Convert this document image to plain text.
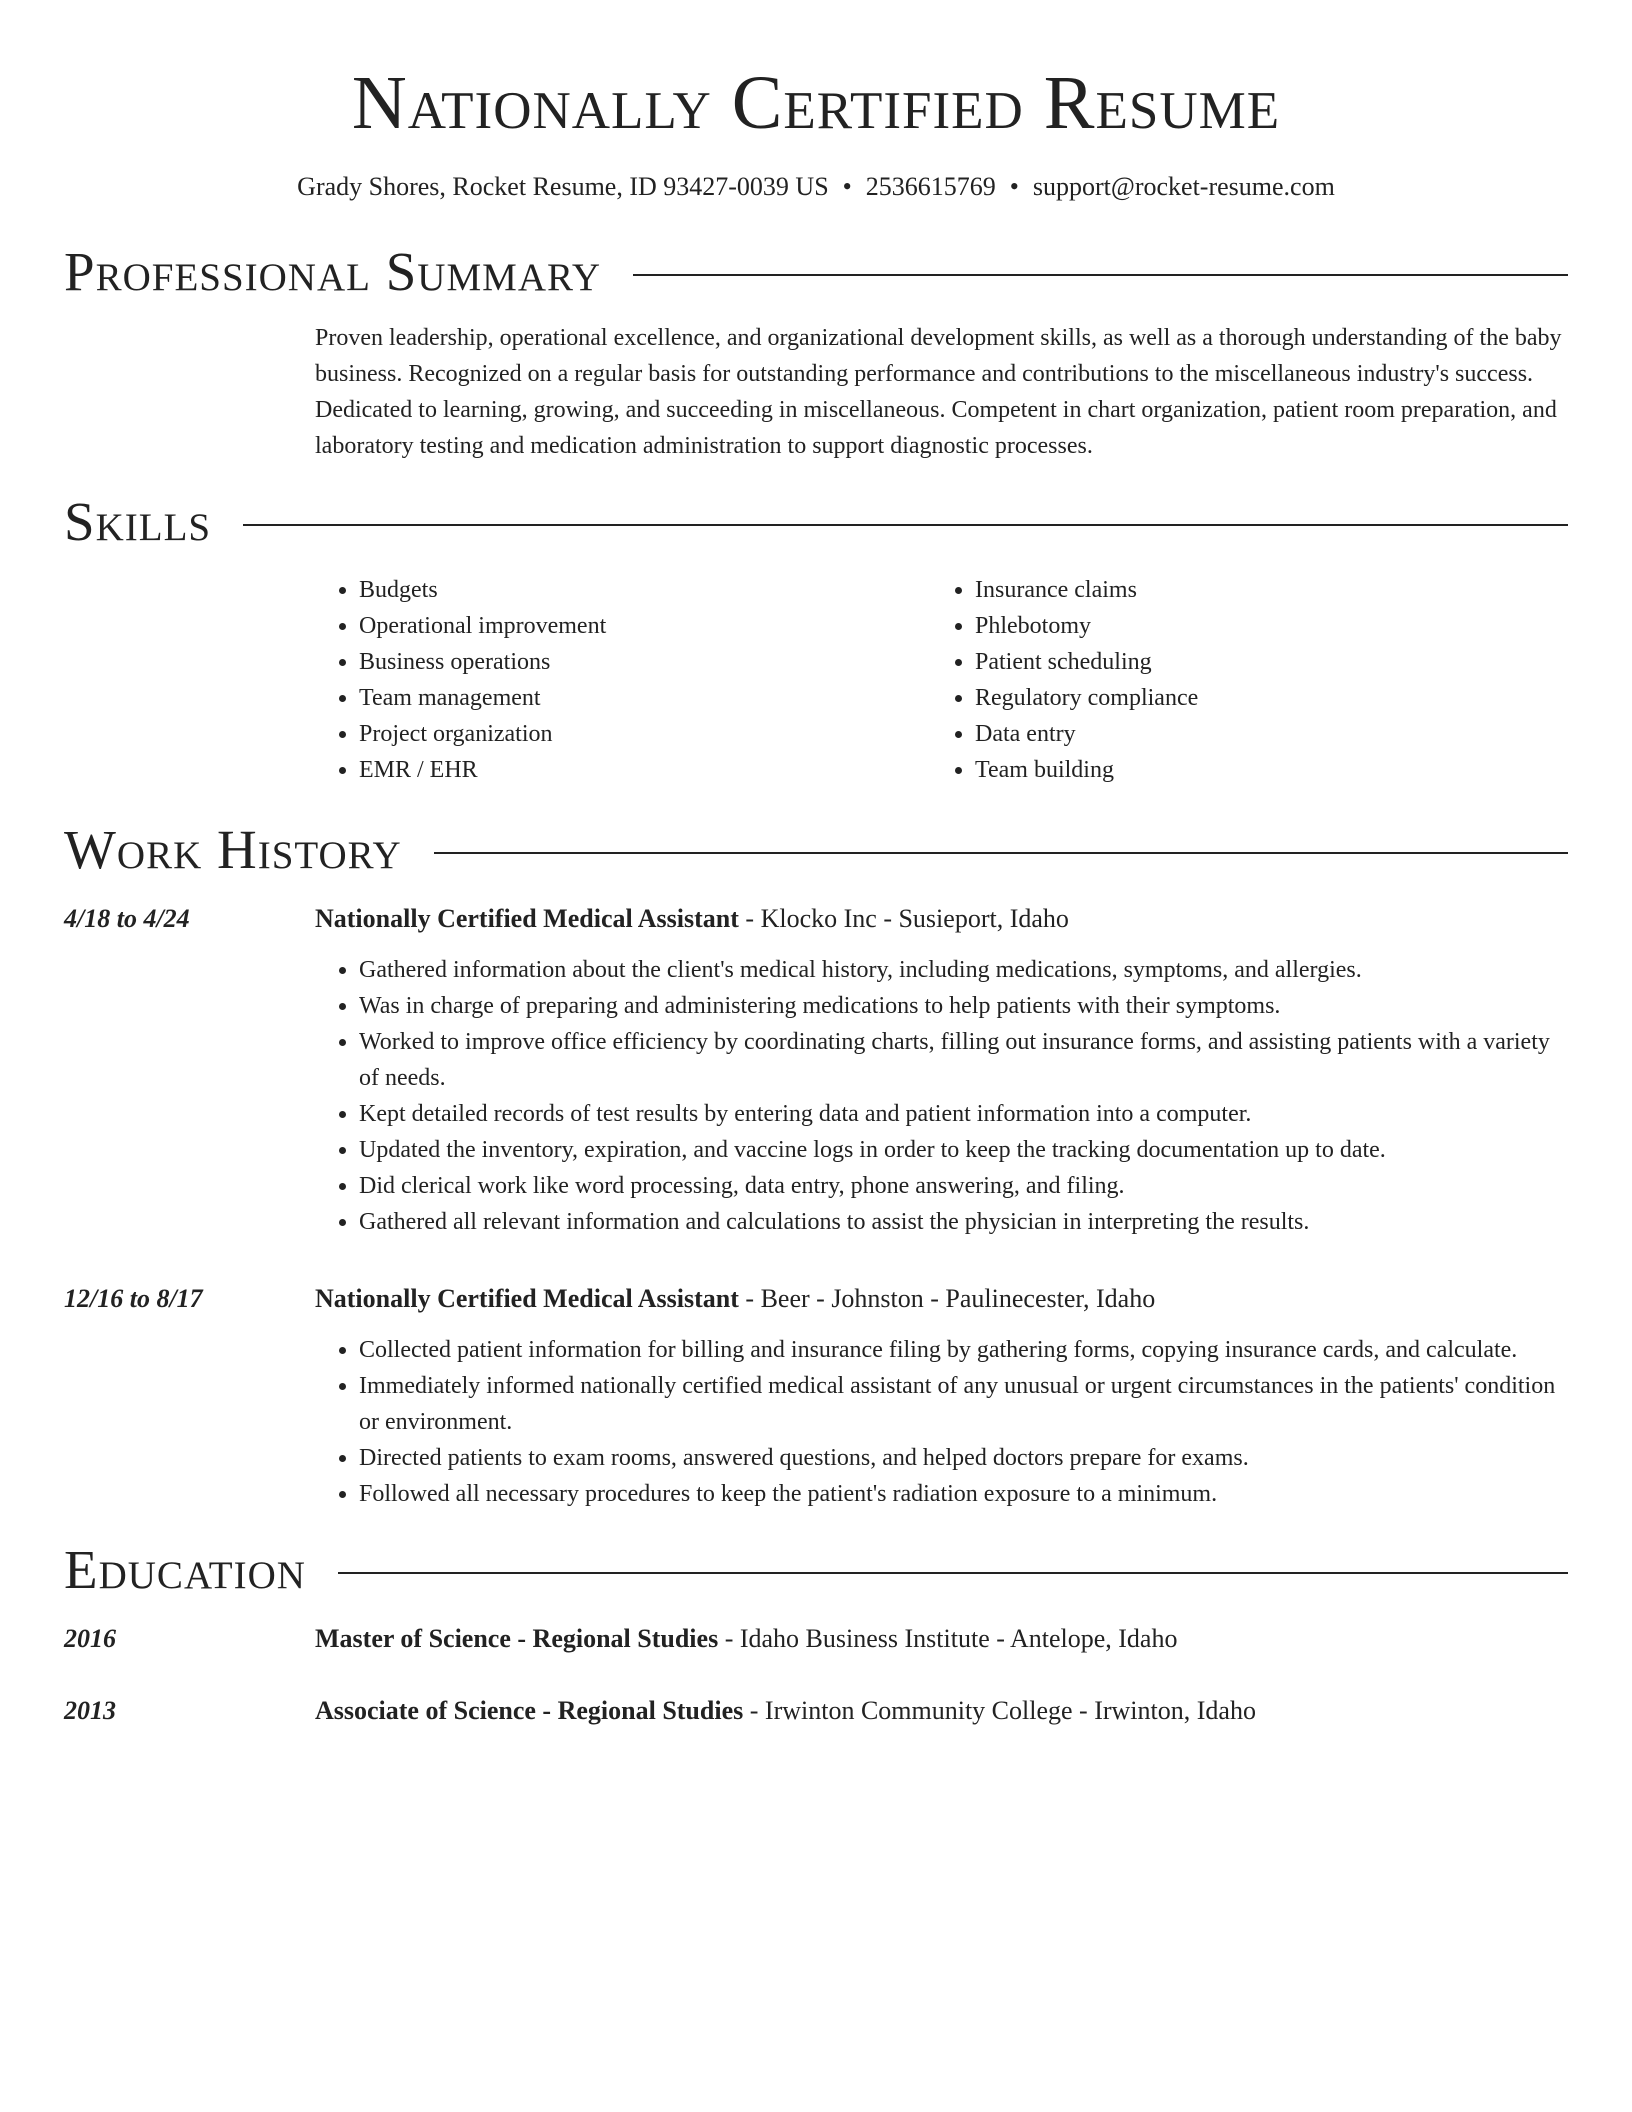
Nationally Certified Resume
Grady Shores, Rocket Resume, ID 93427-0039 US • 2536615769 • support@rocket-resume.com
Professional Summary

Proven leadership, operational excellence, and organizational development skills, as well as a thorough understanding of the baby business. Recognized on a regular basis for outstanding performance and contributions to the miscellaneous industry's success. Dedicated to learning, growing, and succeeding in miscellaneous. Competent in chart organization, patient room preparation, and laboratory testing and medication administration to support diagnostic processes.

Skills
• Budgets
• Operational improvement
• Business operations
• Team management
• Project organization
• EMR / EHR
• Insurance claims
• Phlebotomy
• Patient scheduling
• Regulatory compliance
• Data entry
• Team building
Work History
4/18 to 4/24	Nationally Certified Medical Assistant - Klocko Inc - Susieport, Idaho
• Gathered information about the client's medical history, including medications, symptoms, and allergies.
• Was in charge of preparing and administering medications to help patients with their symptoms.
• Worked to improve office efficiency by coordinating charts, filling out insurance forms, and assisting patients with a variety of needs.
• Kept detailed records of test results by entering data and patient information into a computer.
• Updated the inventory, expiration, and vaccine logs in order to keep the tracking documentation up to date.
• Did clerical work like word processing, data entry, phone answering, and filing.
• Gathered all relevant information and calculations to assist the physician in interpreting the results.
12/16 to 8/17	Nationally Certified Medical Assistant - Beer - Johnston - Paulinecester, Idaho
• Collected patient information for billing and insurance filing by gathering forms, copying insurance cards, and calculate.
• Immediately informed nationally certified medical assistant of any unusual or urgent circumstances in the patients' condition or environment.
• Directed patients to exam rooms, answered questions, and helped doctors prepare for exams.
• Followed all necessary procedures to keep the patient's radiation exposure to a minimum.
Education
2016	Master of Science - Regional Studies - Idaho Business Institute - Antelope, Idaho
2013	Associate of Science - Regional Studies - Irwinton Community College - Irwinton, Idaho
